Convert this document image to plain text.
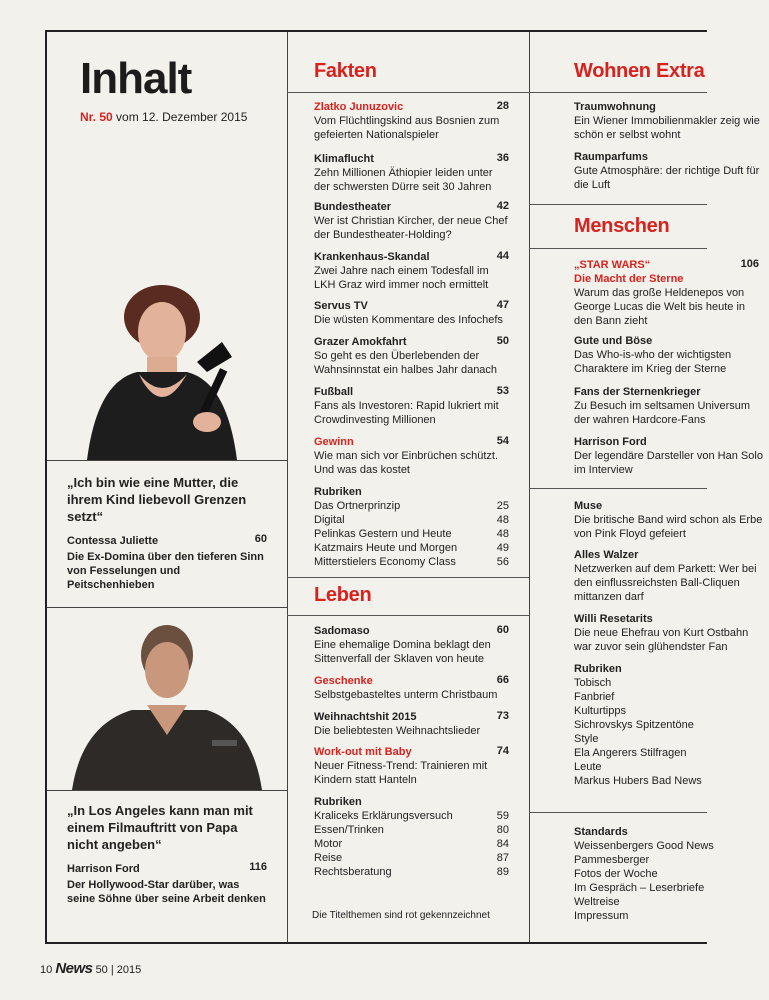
Inhalt
Nr. 50 vom 12. Dezember 2015
„Ich bin wie eine Mutter, die ihrem Kind liebevoll Grenzen setzt“
Contessa Juliette	60
Die Ex-Domina über den tieferen Sinn von Fesselungen und Peitschenhieben
„In Los Angeles kann man mit einem Filmauftritt von Papa nicht angeben“
Harrison Ford	116
Der Hollywood-Star darüber, was seine Söhne über seine Arbeit denken
Fakten
Zlatko Junuzovic	28
Vom Flüchtlingskind aus Bosnien zum gefeierten Nationalspieler
Klimaflucht	36
Zehn Millionen Äthiopier leiden unter der schwersten Dürre seit 30 Jahren
Bundestheater	42
Wer ist Christian Kircher, der neue Chef der Bundestheater-Holding?
Krankenhaus-Skandal	44
Zwei Jahre nach einem Todesfall im LKH Graz wird immer noch ermittelt
Servus TV	47
Die wüsten Kommentare des Infochefs
Grazer Amokfahrt	50
So geht es den Überlebenden der Wahnsinnstat ein halbes Jahr danach
Fußball	53
Fans als Investoren: Rapid lukriert mit Crowdinvesting Millionen
Gewinn	54
Wie man sich vor Einbrüchen schützt. Und was das kostet
Rubriken
Das Ortnerprinzip	25
Digital	48
Pelinkas Gestern und Heute	48
Katzmairs Heute und Morgen	49
Mitterstielers Economy Class	56
Leben
Sadomaso	60
Eine ehemalige Domina beklagt den Sittenverfall der Sklaven von heute
Geschenke	66
Selbstgebasteltes unterm Christbaum
Weihnachtshit 2015	73
Die beliebtesten Weihnachtslieder
Work-out mit Baby	74
Neuer Fitness-Trend: Trainieren mit Kindern statt Hanteln
Rubriken
Kraliceks Erklärungsversuch	59
Essen/Trinken	80
Motor	84
Reise	87
Rechtsberatung	89
Die Titelthemen sind rot gekennzeichnet
Wohnen Extra
Traumwohnung
Ein Wiener Immobilienmakler zeig wie schön er selbst wohnt
Raumparfums
Gute Atmosphäre: der richtige Duft für die Luft
Menschen
„STAR WARS“	106
Die Macht der Sterne
Warum das große Heldenepos von George Lucas die Welt bis heute in den Bann zieht
Gute und Böse
Das Who-is-who der wichtigsten Charaktere im Krieg der Sterne
Fans der Sternenkrieger
Zu Besuch im seltsamen Universum der wahren Hardcore-Fans
Harrison Ford
Der legendäre Darsteller von Han Solo im Interview
Muse
Die britische Band wird schon als Erbe von Pink Floyd gefeiert
Alles Walzer
Netzwerken auf dem Parkett: Wer bei den einflussreichsten Ball-Cliquen mittanzen darf
Willi Resetarits
Die neue Ehefrau von Kurt Ostbahn war zuvor sein glühendster Fan
Rubriken
Tobisch
Fanbrief
Kulturtipps
Sichrovskys Spitzentöne
Style
Ela Angerers Stilfragen
Leute
Markus Hubers Bad News
Standards
Weissenbergers Good News
Pammesberger
Fotos der Woche
Im Gespräch – Leserbriefe
Weltreise
Impressum
10 News 50 | 2015
